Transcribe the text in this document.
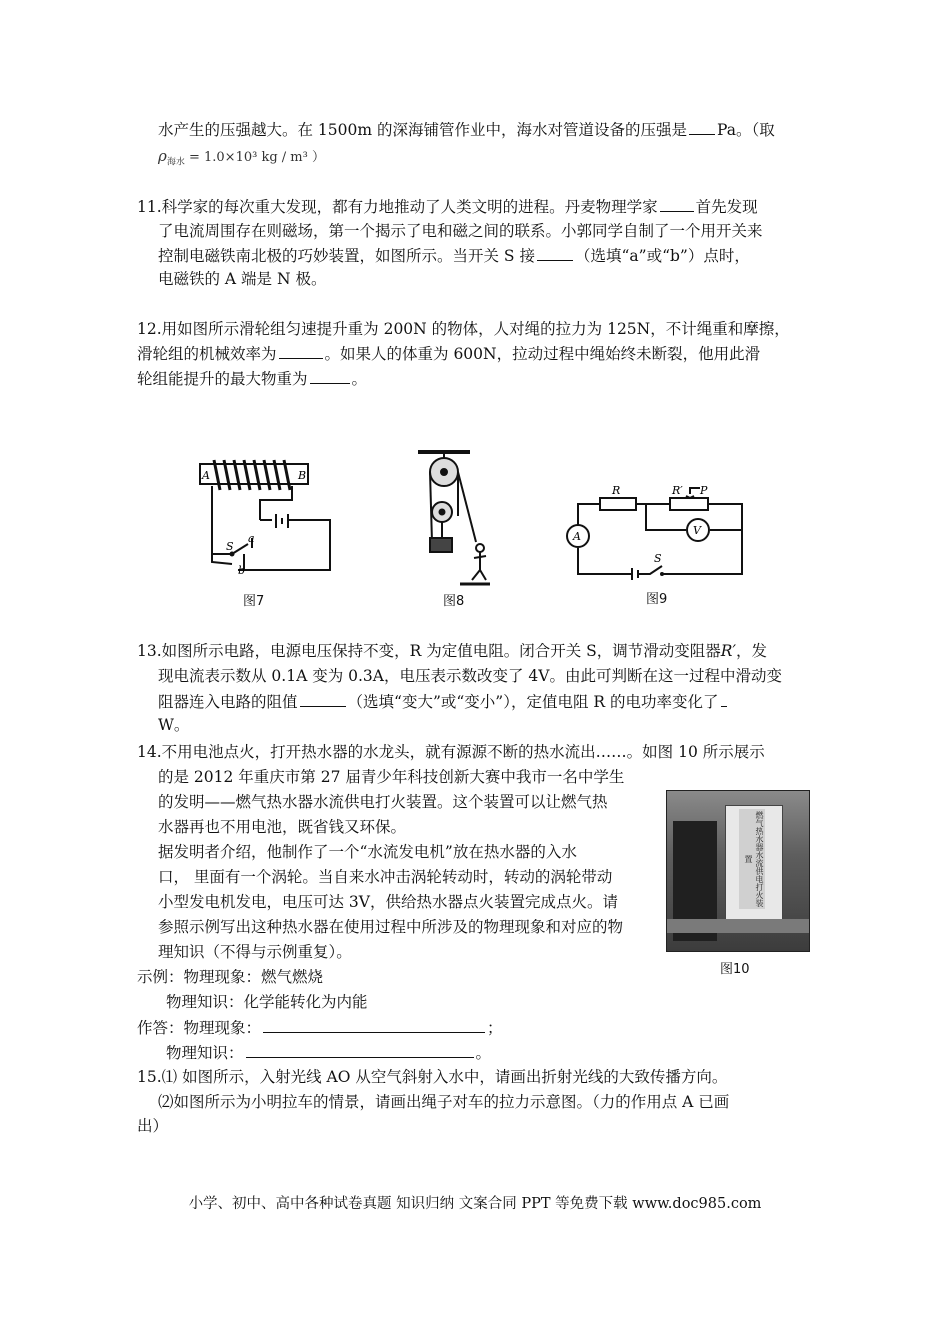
水产生的压强越大。在 1500m 的深海铺管作业中，海水对管道设备的压强是 Pa。（取
$\rho_{海水} = 1.0\times 10^3$ kg / m³ ）
11.科学家的每次重大发现，都有力地推动了人类文明的进程。丹麦物理学家 首先发现
了电流周围存在则磁场，第一个揭示了电和磁之间的联系。小郭同学自制了一个用开关来
控制电磁铁南北极的巧妙装置，如图所示。当开关 S 接	（选填“a”或“b”）点时，
电磁铁的 A 端是 N 极。
12.用如图所示滑轮组匀速提升重为 200N 的物体，人对绳的拉力为 125N，不计绳重和摩擦，
滑轮组的机械效率为	。如果人的体重为 600N，拉动过程中绳始终未断裂，他用此滑
轮组能提升的最大物重为	。
A	B
S
a
b
图7	图8
R	R′ P
V
A
S
图9
13.如图所示电路，电源电压保持不变，R 为定值电阻。闭合开关 S，调节滑动变阻器R′，发
现电流表示数从 0.1A 变为 0.3A，电压表示数改变了 4V。由此可判断在这一过程中滑动变
阻器连入电路的阻值	（选填“变大”或“变小”），定值电阻 R 的电功率变化了
W。
14.不用电池点火，打开热水器的水龙头，就有源源不断的热水流出……。如图 10 所示展示
的是 2012 年重庆市第 27 届青少年科技创新大赛中我市一名中学生
的发明——燃气热水器水流供电打火装置。这个装置可以让燃气热
水器再也不用电池，既省钱又环保。
据发明者介绍，他制作了一个“水流发电机”放在热水器的入水
口， 里面有一个涡轮。当自来水冲击涡轮转动时，转动的涡轮带动
小型发电机发电，电压可达 3V，供给热水器点火装置完成点火。请
参照示例写出这种热水器在使用过程中所涉及的物理现象和对应的物
理知识（不得与示例重复）。
示例：物理现象：燃气燃烧
物理知识：化学能转化为内能
作答：物理现象：	；
物理知识：	。
燃气热水器水流供电打火装置
图10
15.⑴ 如图所示，入射光线 AO 从空气斜射入水中，请画出折射光线的大致传播方向。
⑵如图所示为小明拉车的情景，请画出绳子对车的拉力示意图。（力的作用点 A 已画
出）
小学、初中、高中各种试卷真题 知识归纳 文案合同 PPT 等免费下载 www.doc985.com
